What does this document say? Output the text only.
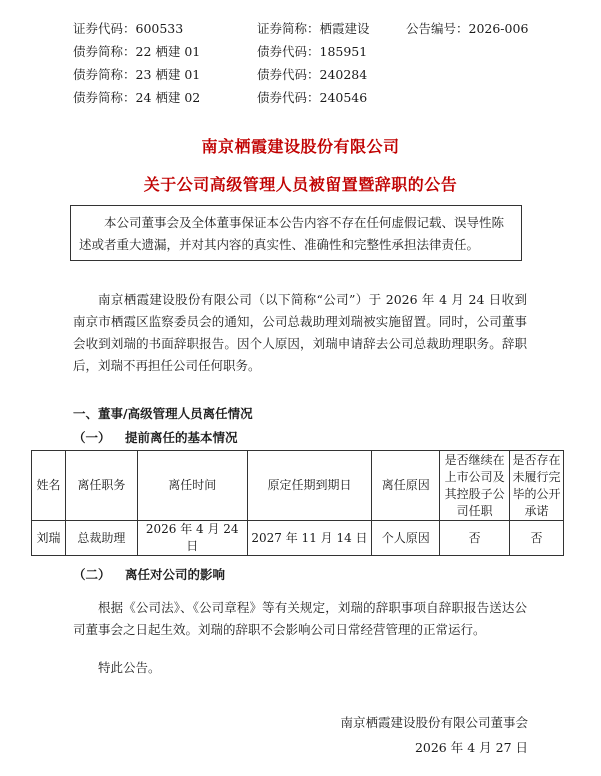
证券代码：600533	证券简称：栖霞建设	公告编号：2026-006
债券简称：22 栖建 01	债券代码：185951
债券简称：23 栖建 01	债券代码：240284
债券简称：24 栖建 02	债券代码：240546
南京栖霞建设股份有限公司
关于公司高级管理人员被留置暨辞职的公告
本公司董事会及全体董事保证本公告内容不存在任何虚假记载、误导性陈述或者重大遗漏，并对其内容的真实性、准确性和完整性承担法律责任。
南京栖霞建设股份有限公司（以下简称“公司”）于 2026 年 4 月 24 日收到南京市栖霞区监察委员会的通知，公司总裁助理刘瑞被实施留置。同时，公司董事会收到刘瑞的书面辞职报告。因个人原因，刘瑞申请辞去公司总裁助理职务。辞职后，刘瑞不再担任公司任何职务。
一、董事/高级管理人员离任情况
（一） 提前离任的基本情况
姓名	离任职务	离任时间	原定任期到期日	离任原因	是否继续在上市公司及其控股子公司任职	是否存在未履行完毕的公开承诺
刘瑞	总裁助理	2026 年 4 月 24 日	2027 年 11 月 14 日	个人原因	否	否
（二） 离任对公司的影响
根据《公司法》、《公司章程》等有关规定，刘瑞的辞职事项自辞职报告送达公司董事会之日起生效。刘瑞的辞职不会影响公司日常经营管理的正常运行。
特此公告。
南京栖霞建设股份有限公司董事会
2026 年 4 月 27 日
